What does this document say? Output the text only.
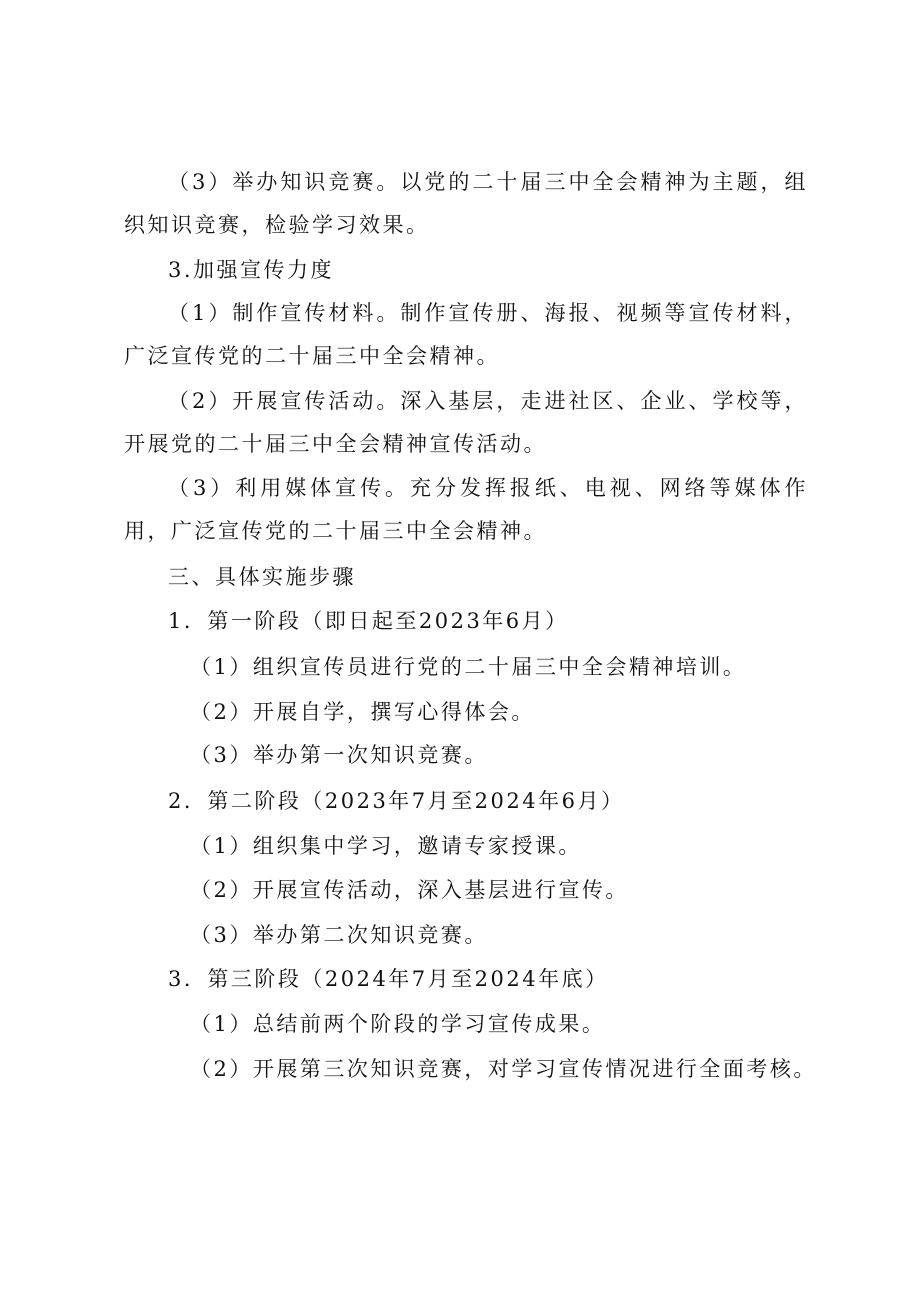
（3）举办知识竞赛。以党的二十届三中全会精神为主题，组织知识竞赛，检验学习效果。

3.加强宣传力度

（1）制作宣传材料。制作宣传册、海报、视频等宣传材料，广泛宣传党的二十届三中全会精神。

（2）开展宣传活动。深入基层，走进社区、企业、学校等，开展党的二十届三中全会精神宣传活动。

（3）利用媒体宣传。充分发挥报纸、电视、网络等媒体作用，广泛宣传党的二十届三中全会精神。

三、具体实施步骤

1．第一阶段（即日起至2023年6月）

（1）组织宣传员进行党的二十届三中全会精神培训。

（2）开展自学，撰写心得体会。

（3）举办第一次知识竞赛。

2．第二阶段（2023年7月至2024年6月）

（1）组织集中学习，邀请专家授课。

（2）开展宣传活动，深入基层进行宣传。

（3）举办第二次知识竞赛。

3．第三阶段（2024年7月至2024年底）

（1）总结前两个阶段的学习宣传成果。

（2）开展第三次知识竞赛，对学习宣传情况进行全面考核。
